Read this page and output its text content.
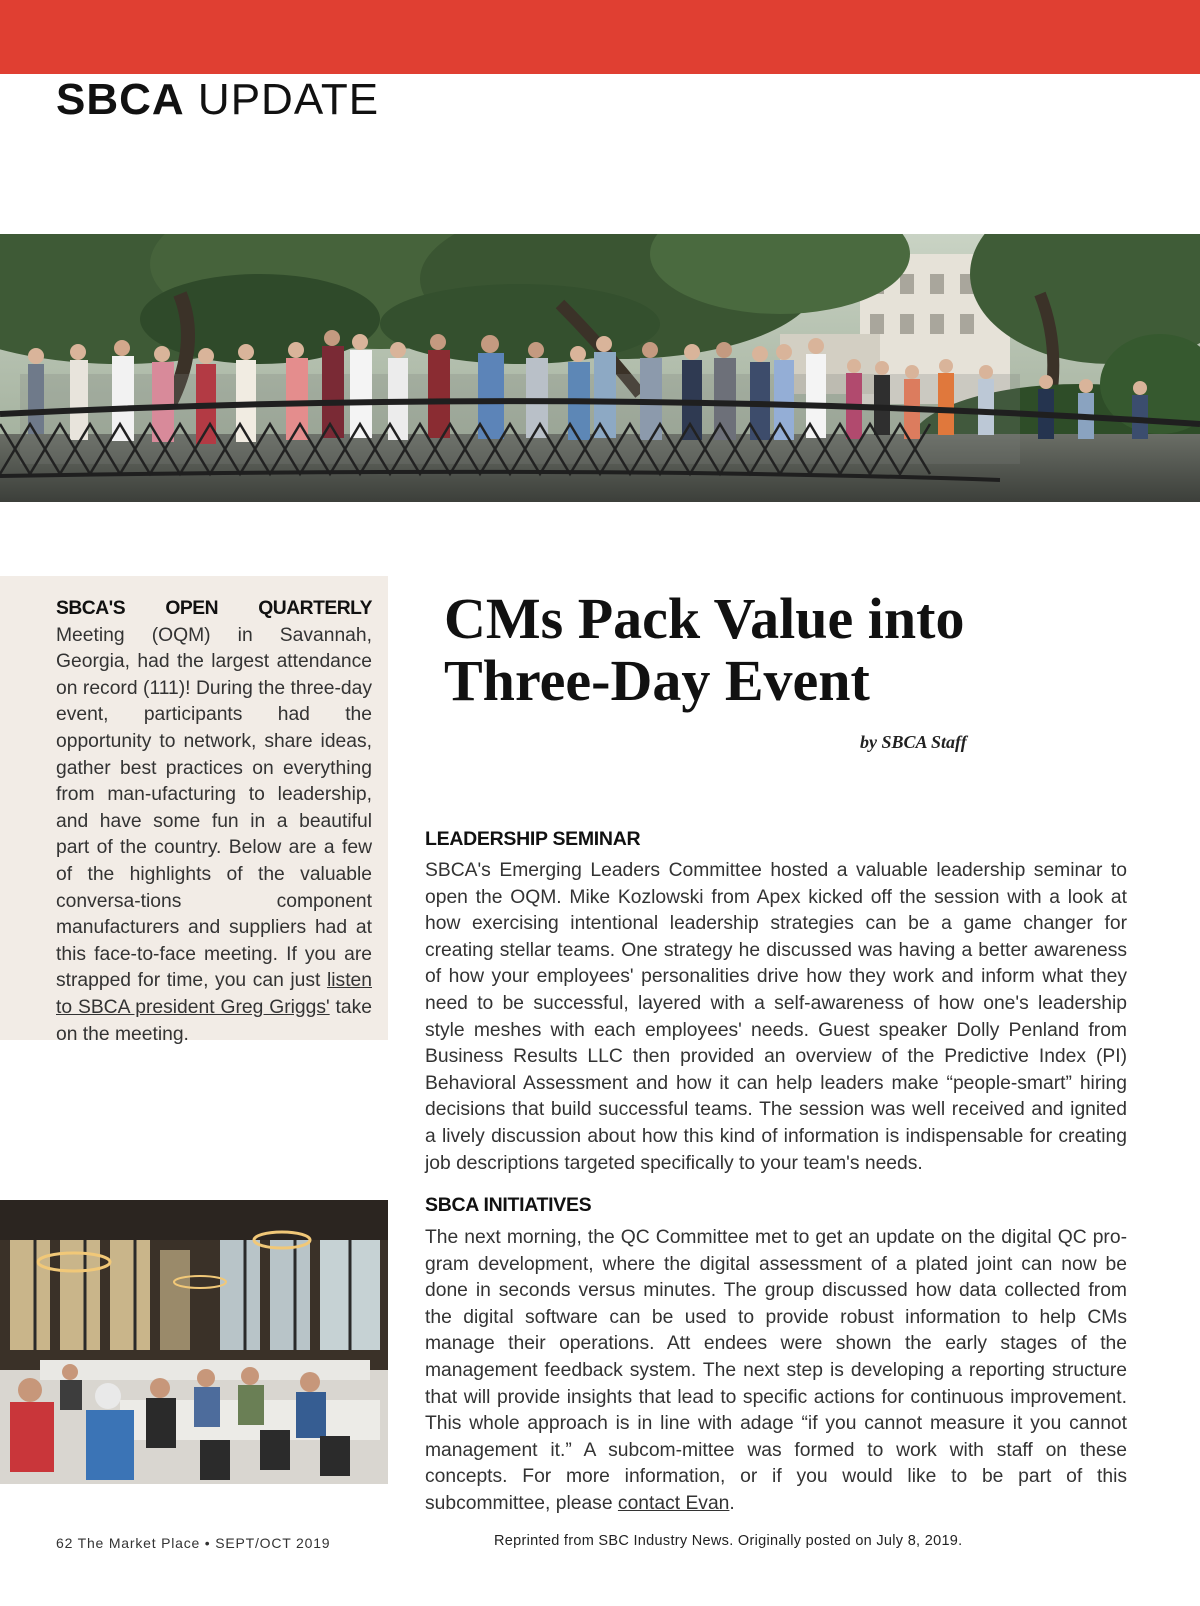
SBCA UPDATE
SBCA'S OPEN QUARTERLY Meeting (OQM) in Savannah, Georgia, had the largest attendance on record (111)! During the three-day event, participants had the opportunity to network, share ideas, gather best practices on everything from man-ufacturing to leadership, and have some fun in a beautiful part of the country. Below are a few of the highlights of the valuable conversa-tions component manufacturers and suppliers had at this face-to-face meeting. If you are strapped for time, you can just listen to SBCA president Greg Griggs' take on the meeting.
CMs Pack Value into
Three-Day Event
by SBCA Staff
LEADERSHIP SEMINAR
SBCA's Emerging Leaders Committee hosted a valuable leadership seminar to open the OQM. Mike Kozlowski from Apex kicked off the session with a look at how exercising intentional leadership strategies can be a game changer for creating stellar teams. One strategy he discussed was having a better awareness of how your employees' personalities drive how they work and inform what they need to be successful, layered with a self-awareness of how one's leadership style meshes with each employees' needs. Guest speaker Dolly Penland from Business Results LLC then provided an overview of the Predictive Index (PI) Behavioral Assessment and how it can help leaders make “people-smart” hiring decisions that build successful teams. The session was well received and ignited a lively discussion about how this kind of information is indispensable for creating job descriptions targeted specifically to your team's needs.
SBCA INITIATIVES
The next morning, the QC Committee met to get an update on the digital QC pro-gram development, where the digital assessment of a plated joint can now be done in seconds versus minutes. The group discussed how data collected from the digital software can be used to provide robust information to help CMs manage their operations. Att endees were shown the early stages of the management feedback system. The next step is developing a reporting structure that will provide insights that lead to specific actions for continuous improvement. This whole approach is in line with adage “if you cannot measure it you cannot management it.” A subcom-mittee was formed to work with staff on these concepts. For more information, or if you would like to be part of this subcommittee, please contact Evan.
62 The Market Place • SEPT/OCT 2019	Reprinted from SBC Industry News. Originally posted on July 8, 2019.
